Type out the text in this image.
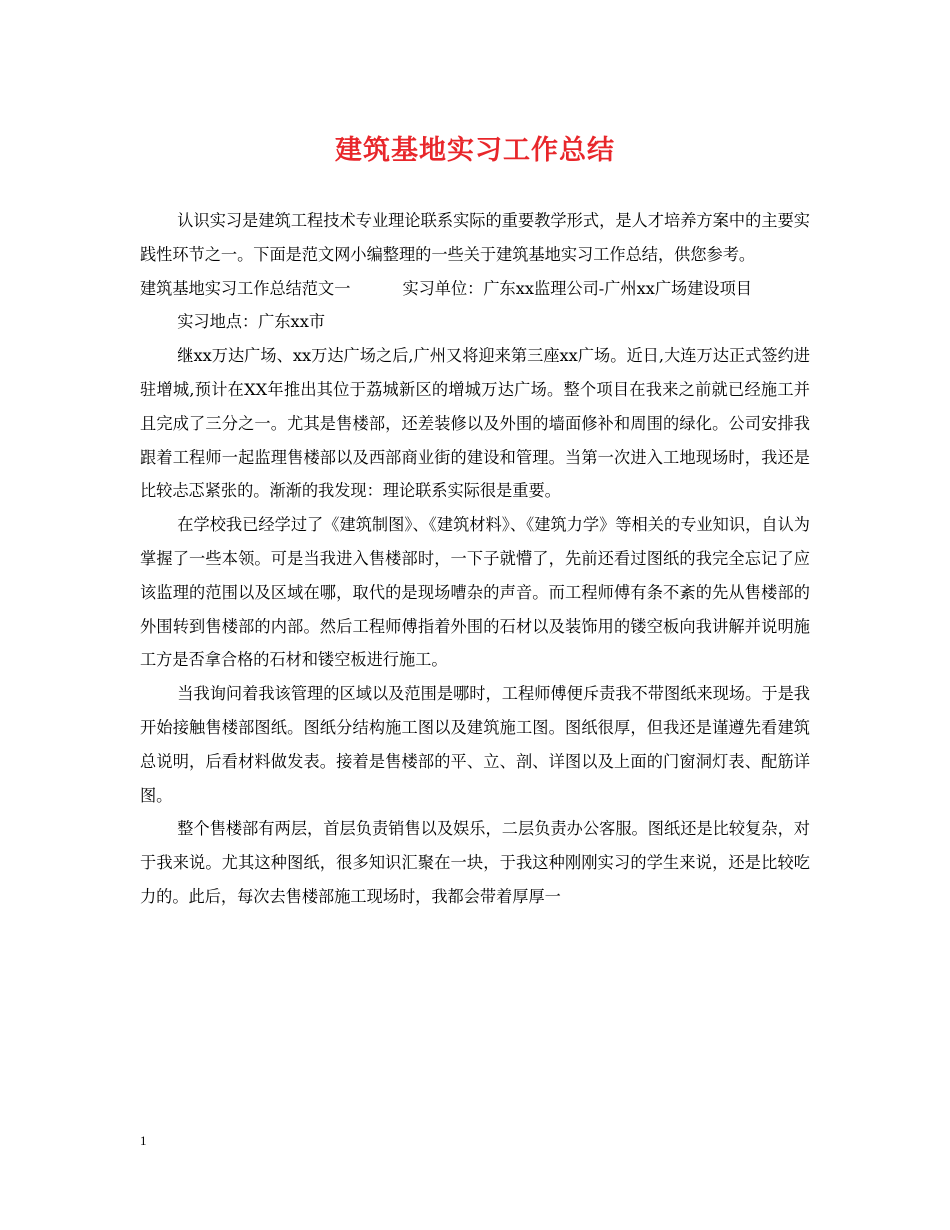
建筑基地实习工作总结

认识实习是建筑工程技术专业理论联系实际的重要教学形式，是人才培养方案中的主要实践性环节之一。下面是范文网小编整理的一些关于建筑基地实习工作总结，供您参考。

建筑基地实习工作总结范文一	实习单位：广东xx监理公司-广州xx广场建设项目

实习地点：广东xx市

继xx万达广场、xx万达广场之后,广州又将迎来第三座xx广场。近日,大连万达正式签约进驻增城,预计在XX年推出其位于荔城新区的增城万达广场。整个项目在我来之前就已经施工并且完成了三分之一。尤其是售楼部，还差装修以及外围的墙面修补和周围的绿化。公司安排我跟着工程师一起监理售楼部以及西部商业街的建设和管理。当第一次进入工地现场时，我还是比较忐忑紧张的。渐渐的我发现：理论联系实际很是重要。

在学校我已经学过了《建筑制图》、《建筑材料》、《建筑力学》等相关的专业知识，自认为掌握了一些本领。可是当我进入售楼部时，一下子就懵了，先前还看过图纸的我完全忘记了应该监理的范围以及区域在哪，取代的是现场嘈杂的声音。而工程师傅有条不紊的先从售楼部的外围转到售楼部的内部。然后工程师傅指着外围的石材以及装饰用的镂空板向我讲解并说明施工方是否拿合格的石材和镂空板进行施工。

当我询问着我该管理的区域以及范围是哪时，工程师傅便斥责我不带图纸来现场。于是我开始接触售楼部图纸。图纸分结构施工图以及建筑施工图。图纸很厚，但我还是谨遵先看建筑总说明，后看材料做发表。接着是售楼部的平、立、剖、详图以及上面的门窗洞灯表、配筋详图。

整个售楼部有两层，首层负责销售以及娱乐，二层负责办公客服。图纸还是比较复杂，对于我来说。尤其这种图纸，很多知识汇聚在一块，于我这种刚刚实习的学生来说，还是比较吃力的。此后，每次去售楼部施工现场时，我都会带着厚厚一

1
